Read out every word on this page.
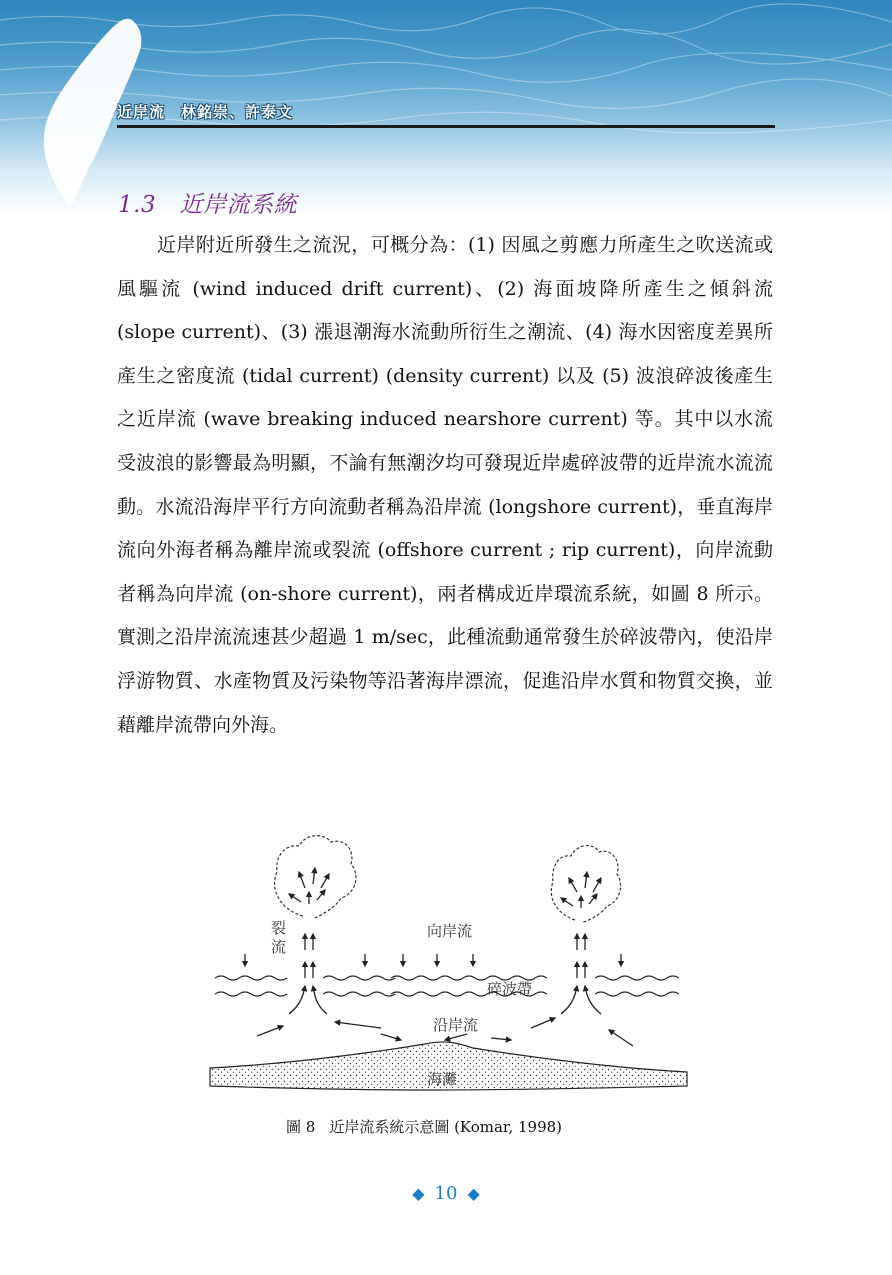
近岸流　林銘崇、許泰文
1.3　近岸流系統

近岸附近所發生之流況，可概分為：(1) 因風之剪應力所產生之吹送流或風驅流 (wind induced drift current)、(2) 海面坡降所產生之傾斜流 (slope current)、(3) 漲退潮海水流動所衍生之潮流、(4) 海水因密度差異所產生之密度流 (tidal current) (density current) 以及 (5) 波浪碎波後產生之近岸流 (wave breaking induced nearshore current) 等。其中以水流受波浪的影響最為明顯，不論有無潮汐均可發現近岸處碎波帶的近岸流水流流動。水流沿海岸平行方向流動者稱為沿岸流 (longshore current)，垂直海岸流向外海者稱為離岸流或裂流 (offshore current ; rip current)，向岸流動者稱為向岸流 (on-shore current)，兩者構成近岸環流系統，如圖 8 所示。實測之沿岸流流速甚少超過 1 m/sec，此種流動通常發生於碎波帶內，使沿岸浮游物質、水產物質及污染物等沿著海岸漂流，促進沿岸水質和物質交換，並藉離岸流帶向外海。

裂
流
向岸流
碎波帶
沿岸流
海灘
圖 8 近岸流系統示意圖 (Komar, 1998)
◆ 10 ◆
